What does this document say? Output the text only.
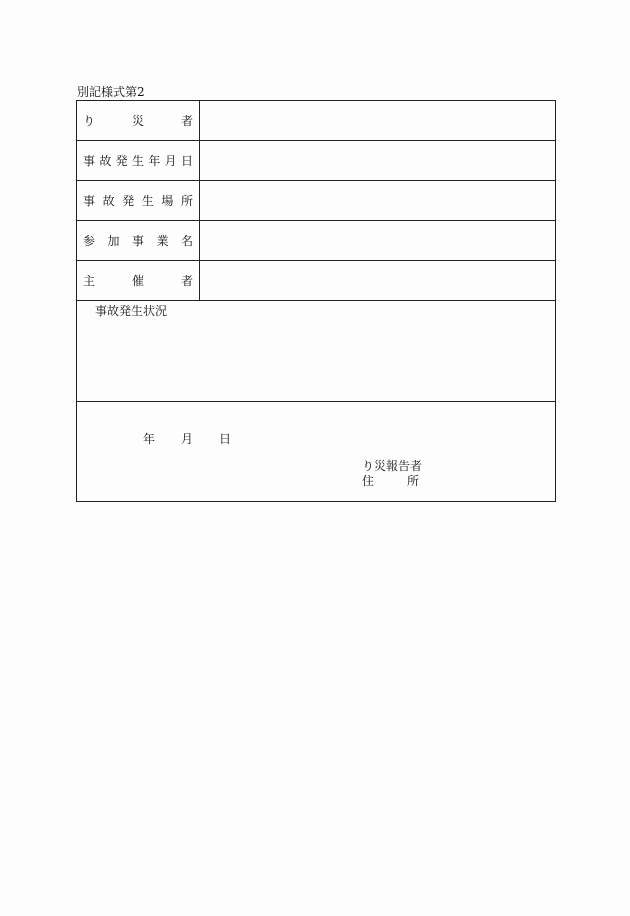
別記様式第2
り	災	者
事 故 発 生 年 月 日
事 故 発 生 場 所
参 加 事 業 名
主	催	者
事故発生状況
年 月 日
り災報告者
住	所
